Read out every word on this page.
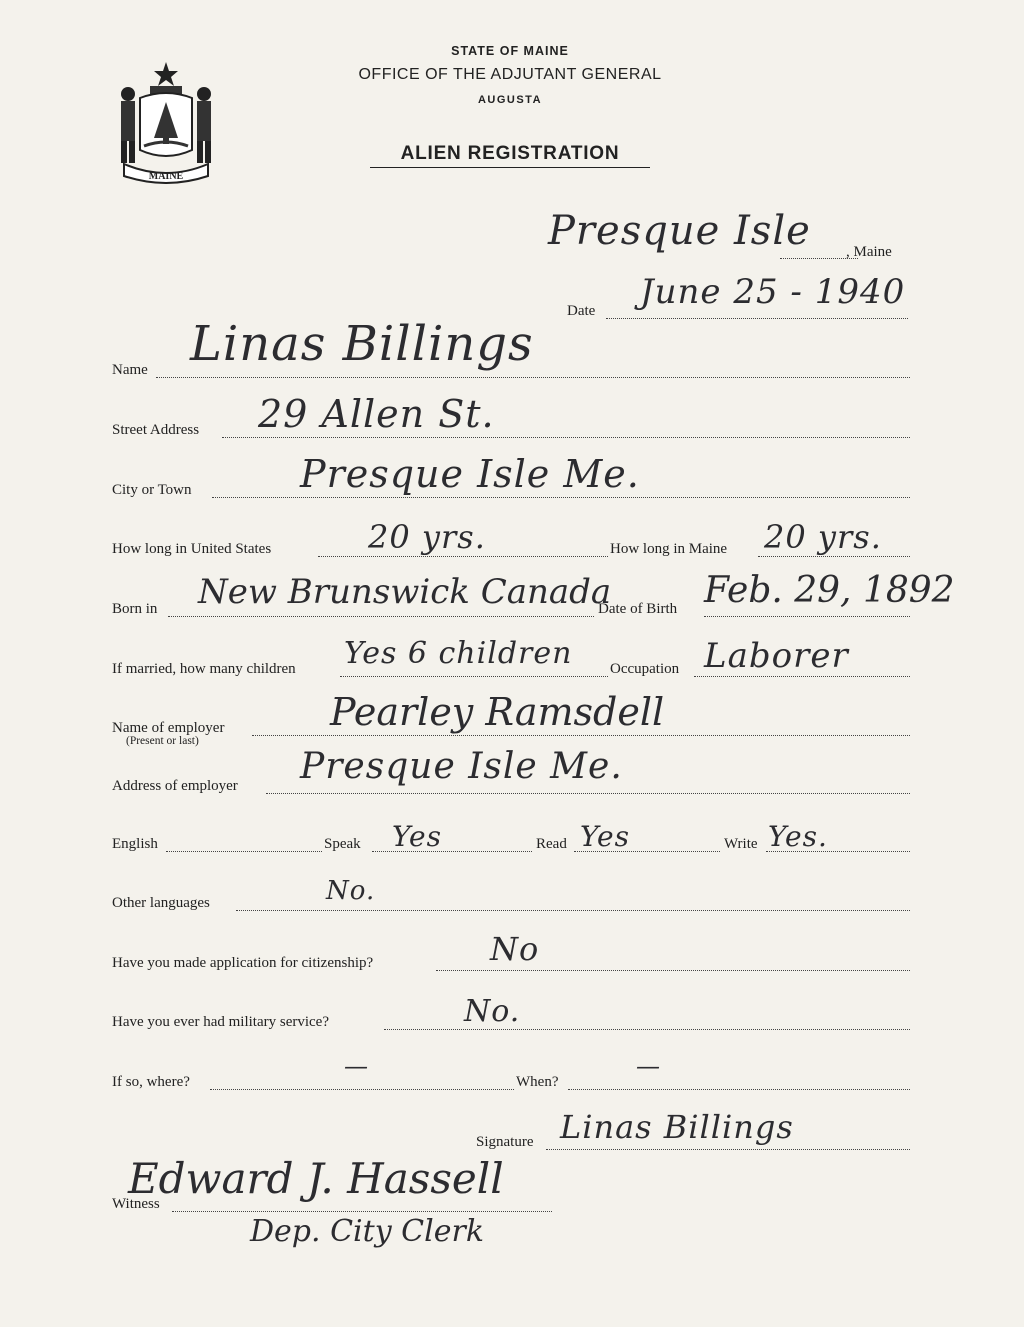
MAINE
STATE OF MAINE
OFFICE OF THE ADJUTANT GENERAL
AUGUSTA
ALIEN REGISTRATION
Presque Isle , Maine
Date June 25 - 1940
Name Linas Billings
Street Address 29 Allen St.
City or Town	Presque Isle Me.
How long in United States	20 yrs.	How long in Maine 20 yrs.
Born in New Brunswick Canada
Date of Birth Feb. 29, 1892
If married, how many children Yes 6 children	Occupation Laborer
Name of employer
(Present or last)
Pearley Ramsdell
Address of employer Presque Isle Me.
English	Speak Yes	Read Yes	Write Yes.
Other languages	No.
Have you made application for citizenship?	No
Have you ever had military service?	No.
If so, where?
—
When?
—
Signature Linas Billings
Witness
Edward J. Hassell
Dep. City Clerk
